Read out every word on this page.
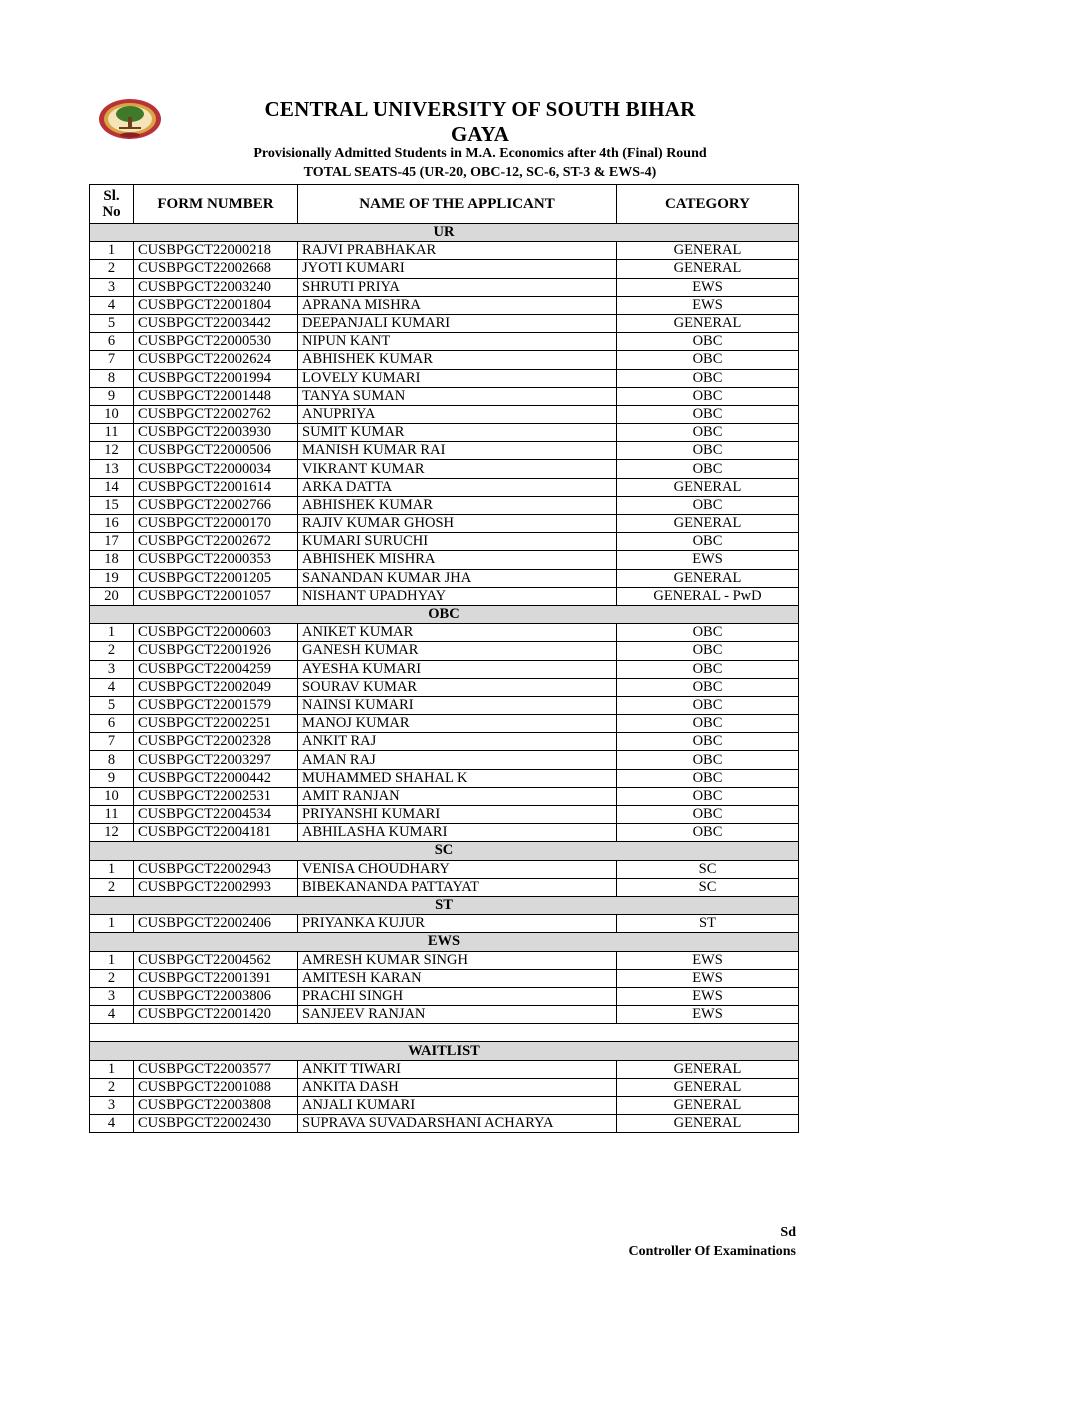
CENTRAL UNIVERSITY OF SOUTH BIHAR
GAYA
Provisionally Admitted Students in M.A. Economics after 4th (Final) Round
TOTAL SEATS-45 (UR-20, OBC-12, SC-6, ST-3 & EWS-4)
Sl. No	FORM NUMBER	NAME OF THE APPLICANT	CATEGORY
UR			
1	CUSBPGCT22000218	RAJVI PRABHAKAR	GENERAL
2	CUSBPGCT22002668	JYOTI KUMARI	GENERAL
3	CUSBPGCT22003240	SHRUTI PRIYA	EWS
4	CUSBPGCT22001804	APRANA MISHRA	EWS
5	CUSBPGCT22003442	DEEPANJALI KUMARI	GENERAL
6	CUSBPGCT22000530	NIPUN KANT	OBC
7	CUSBPGCT22002624	ABHISHEK KUMAR	OBC
8	CUSBPGCT22001994	LOVELY KUMARI	OBC
9	CUSBPGCT22001448	TANYA SUMAN	OBC
10	CUSBPGCT22002762	ANUPRIYA	OBC
11	CUSBPGCT22003930	SUMIT KUMAR	OBC
12	CUSBPGCT22000506	MANISH KUMAR RAI	OBC
13	CUSBPGCT22000034	VIKRANT KUMAR	OBC
14	CUSBPGCT22001614	ARKA DATTA	GENERAL
15	CUSBPGCT22002766	ABHISHEK KUMAR	OBC
16	CUSBPGCT22000170	RAJIV KUMAR GHOSH	GENERAL
17	CUSBPGCT22002672	KUMARI SURUCHI	OBC
18	CUSBPGCT22000353	ABHISHEK MISHRA	EWS
19	CUSBPGCT22001205	SANANDAN KUMAR JHA	GENERAL
20	CUSBPGCT22001057	NISHANT UPADHYAY	GENERAL - PwD
OBC			
1	CUSBPGCT22000603	ANIKET KUMAR	OBC
2	CUSBPGCT22001926	GANESH KUMAR	OBC
3	CUSBPGCT22004259	AYESHA KUMARI	OBC
4	CUSBPGCT22002049	SOURAV KUMAR	OBC
5	CUSBPGCT22001579	NAINSI KUMARI	OBC
6	CUSBPGCT22002251	MANOJ KUMAR	OBC
7	CUSBPGCT22002328	ANKIT RAJ	OBC
8	CUSBPGCT22003297	AMAN RAJ	OBC
9	CUSBPGCT22000442	MUHAMMED SHAHAL K	OBC
10	CUSBPGCT22002531	AMIT RANJAN	OBC
11	CUSBPGCT22004534	PRIYANSHI KUMARI	OBC
12	CUSBPGCT22004181	ABHILASHA KUMARI	OBC
SC			
1	CUSBPGCT22002943	VENISA CHOUDHARY	SC
2	CUSBPGCT22002993	BIBEKANANDA PATTAYAT	SC
ST			
1	CUSBPGCT22002406	PRIYANKA KUJUR	ST
EWS			
1	CUSBPGCT22004562	AMRESH KUMAR SINGH	EWS
2	CUSBPGCT22001391	AMITESH KARAN	EWS
3	CUSBPGCT22003806	PRACHI SINGH	EWS
4	CUSBPGCT22001420	SANJEEV RANJAN	EWS

WAITLIST			
1	CUSBPGCT22003577	ANKIT TIWARI	GENERAL
2	CUSBPGCT22001088	ANKITA DASH	GENERAL
3	CUSBPGCT22003808	ANJALI KUMARI	GENERAL
4	CUSBPGCT22002430	SUPRAVA SUVADARSHANI ACHARYA	GENERAL
Sd
Controller Of Examinations
